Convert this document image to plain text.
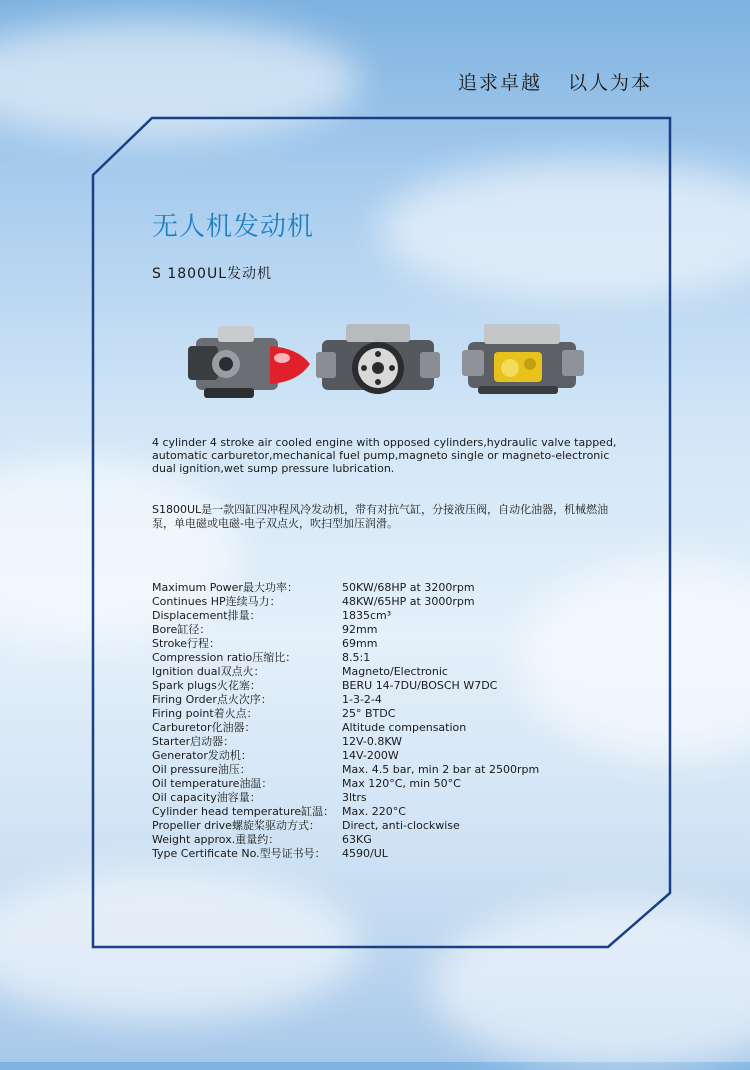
追求卓越 以人为本
无人机发动机
S 1800UL发动机
4 cylinder 4 stroke air cooled engine with opposed cylinders,hydraulic valve tapped, automatic carburetor,mechanical fuel pump,magneto single or magneto-electronic dual ignition,wet sump pressure lubrication.
S1800UL是一款四缸四冲程风冷发动机，带有对抗气缸，分接液压阀，自动化油器，机械燃油泵，单电磁或电磁-电子双点火，吹扫型加压润滑。
Maximum Power最大功率：	50KW/68HP at 3200rpm
Continues HP连续马力：	48KW/65HP at 3000rpm
Displacement排量：	1835cm³
Bore缸径：	92mm
Stroke行程：	69mm
Compression ratio压缩比：	8.5:1
Ignition dual双点火：	Magneto/Electronic
Spark plugs火花塞：	BERU 14-7DU/BOSCH W7DC
Firing Order点火次序：	1-3-2-4
Firing point着火点：	25° BTDC
Carburetor化油器：	Altitude compensation
Starter启动器：	12V-0.8KW
Generator发动机：	14V-200W
Oil pressure油压：	Max. 4.5 bar, min 2 bar at 2500rpm
Oil temperature油温：	Max 120°C, min 50°C
Oil capacity油容量：	3ltrs
Cylinder head temperature缸温： Max. 220°C
Propeller drive螺旋桨驱动方式：	Direct, anti-clockwise
Weight approx.重量约：	63KG
Type Certificate No.型号证书号：	4590/UL
